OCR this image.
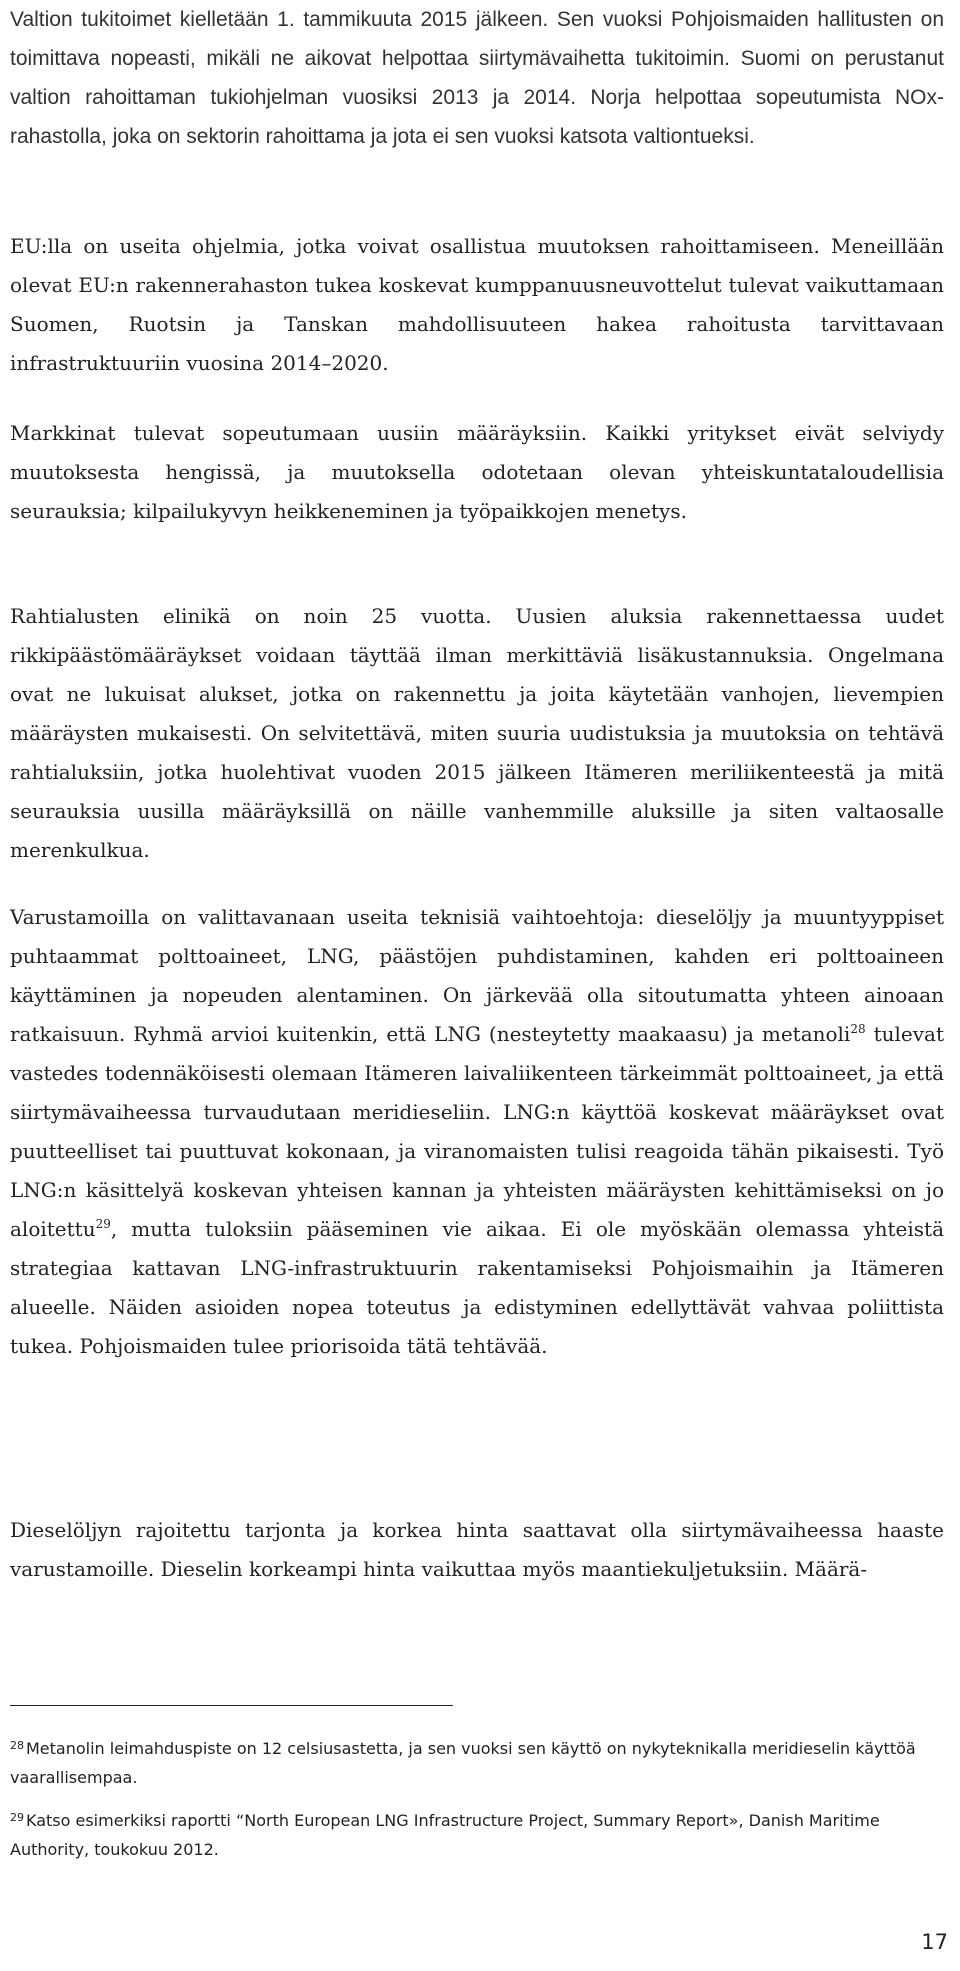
Valtion tukitoimet kielletään 1. tammikuuta 2015 jälkeen. Sen vuoksi Pohjoismaiden hallitusten on toimittava nopeasti, mikäli ne aikovat helpottaa siirtymävaihetta tukitoimin. Suomi on perustanut valtion rahoittaman tukiohjelman vuosiksi 2013 ja 2014. Norja helpottaa sopeutumista NOx-rahastolla, joka on sektorin rahoittama ja jota ei sen vuoksi katsota valtiontueksi.

EU:lla on useita ohjelmia, jotka voivat osallistua muutoksen rahoittamiseen. Meneillään olevat EU:n rakennerahaston tukea koskevat kumppanuusneuvottelut tulevat vaikuttamaan Suomen, Ruotsin ja Tanskan mahdollisuuteen hakea rahoitusta tarvittavaan infrastruktuuriin vuosina 2014–2020.

Markkinat tulevat sopeutumaan uusiin määräyksiin. Kaikki yritykset eivät selviydy muutoksesta hengissä, ja muutoksella odotetaan olevan yhteiskuntataloudellisia seurauksia; kilpailukyvyn heikkeneminen ja työpaikkojen menetys.

Rahtialusten elinikä on noin 25 vuotta. Uusien aluksia rakennettaessa uudet rikkipäästömääräykset voidaan täyttää ilman merkittäviä lisäkustannuksia. Ongelmana ovat ne lukuisat alukset, jotka on rakennettu ja joita käytetään vanhojen, lievempien määräysten mukaisesti. On selvitettävä, miten suuria uudistuksia ja muutoksia on tehtävä rahtialuksiin, jotka huolehtivat vuoden 2015 jälkeen Itämeren meriliikenteestä ja mitä seurauksia uusilla määräyksillä on näille vanhemmille aluksille ja siten valtaosalle merenkulkua.

Varustamoilla on valittavanaan useita teknisiä vaihtoehtoja: dieselöljy ja muuntyyppiset puhtaammat polttoaineet, LNG, päästöjen puhdistaminen, kahden eri polttoaineen käyttäminen ja nopeuden alentaminen. On järkevää olla sitoutumatta yhteen ainoaan ratkaisuun. Ryhmä arvioi kuitenkin, että LNG (nesteytetty maakaasu) ja metanoli$^{28}$ tulevat vastedes todennäköisesti olemaan Itämeren laivaliikenteen tärkeimmät polttoaineet, ja että siirtymävaiheessa turvaudutaan meridieseliin. LNG:n käyttöä koskevat määräykset ovat puutteelliset tai puuttuvat kokonaan, ja viranomaisten tulisi reagoida tähän pikaisesti. Työ LNG:n käsittelyä koskevan yhteisen kannan ja yhteisten määräysten kehittämiseksi on jo aloitettu$^{29}$, mutta tuloksiin pääseminen vie aikaa. Ei ole myöskään olemassa yhteistä strategiaa kattavan LNG-infrastruktuurin rakentamiseksi Pohjoismaihin ja Itämeren alueelle. Näiden asioiden nopea toteutus ja edistyminen edellyttävät vahvaa poliittista tukea. Pohjoismaiden tulee priorisoida tätä tehtävää.

Dieselöljyn rajoitettu tarjonta ja korkea hinta saattavat olla siirtymävaiheessa haaste varustamoille. Dieselin korkeampi hinta vaikuttaa myös maantiekuljetuksiin. Määrä-

$^{28}$ Metanolin leimahduspiste on 12 celsiusastetta, ja sen vuoksi sen käyttö on nykyteknikalla meridieselin käyttöä vaarallisempaa.

$^{29}$ Katso esimerkiksi raportti “North European LNG Infrastructure Project, Summary Report», Danish Maritime Authority, toukokuu 2012.

17
